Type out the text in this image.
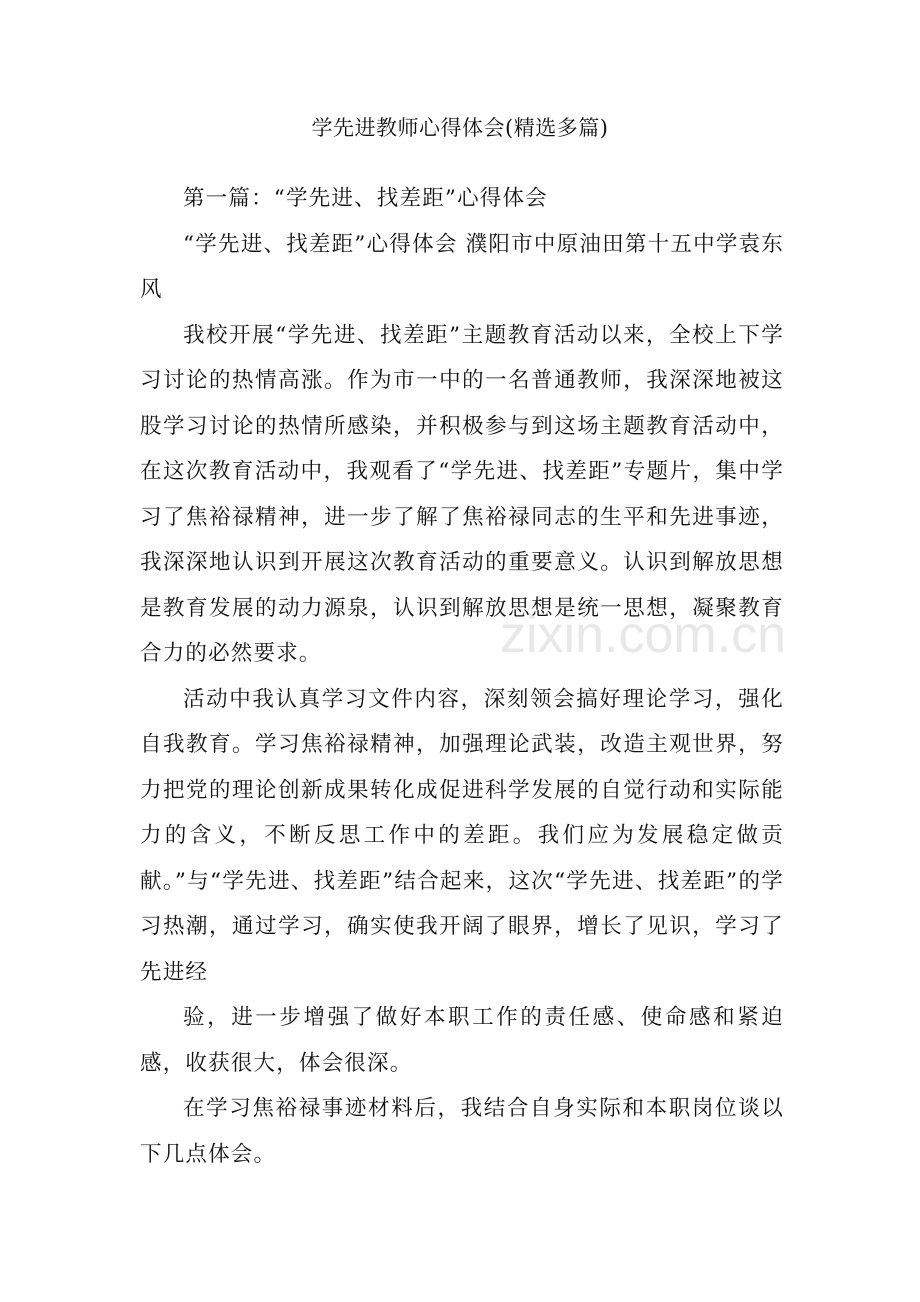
学先进教师心得体会(精选多篇)

第一篇：“学先进、找差距”心得体会

“学先进、找差距”心得体会 濮阳市中原油田第十五中学袁东风

我校开展“学先进、找差距”主题教育活动以来，全校上下学习讨论的热情高涨。作为市一中的一名普通教师，我深深地被这股学习讨论的热情所感染，并积极参与到这场主题教育活动中，在这次教育活动中，我观看了“学先进、找差距”专题片，集中学习了焦裕禄精神，进一步了解了焦裕禄同志的生平和先进事迹，我深深地认识到开展这次教育活动的重要意义。认识到解放思想是教育发展的动力源泉，认识到解放思想是统一思想，凝聚教育合力的必然要求。

活动中我认真学习文件内容，深刻领会搞好理论学习，强化自我教育。学习焦裕禄精神，加强理论武装，改造主观世界，努力把党的理论创新成果转化成促进科学发展的自觉行动和实际能力的含义，不断反思工作中的差距。我们应为发展稳定做贡献。”与“学先进、找差距”结合起来，这次“学先进、找差距”的学习热潮，通过学习，确实使我开阔了眼界，增长了见识，学习了先进经

验，进一步增强了做好本职工作的责任感、使命感和紧迫感，收获很大，体会很深。

在学习焦裕禄事迹材料后，我结合自身实际和本职岗位谈以下几点体会。

zixin.com.cn
